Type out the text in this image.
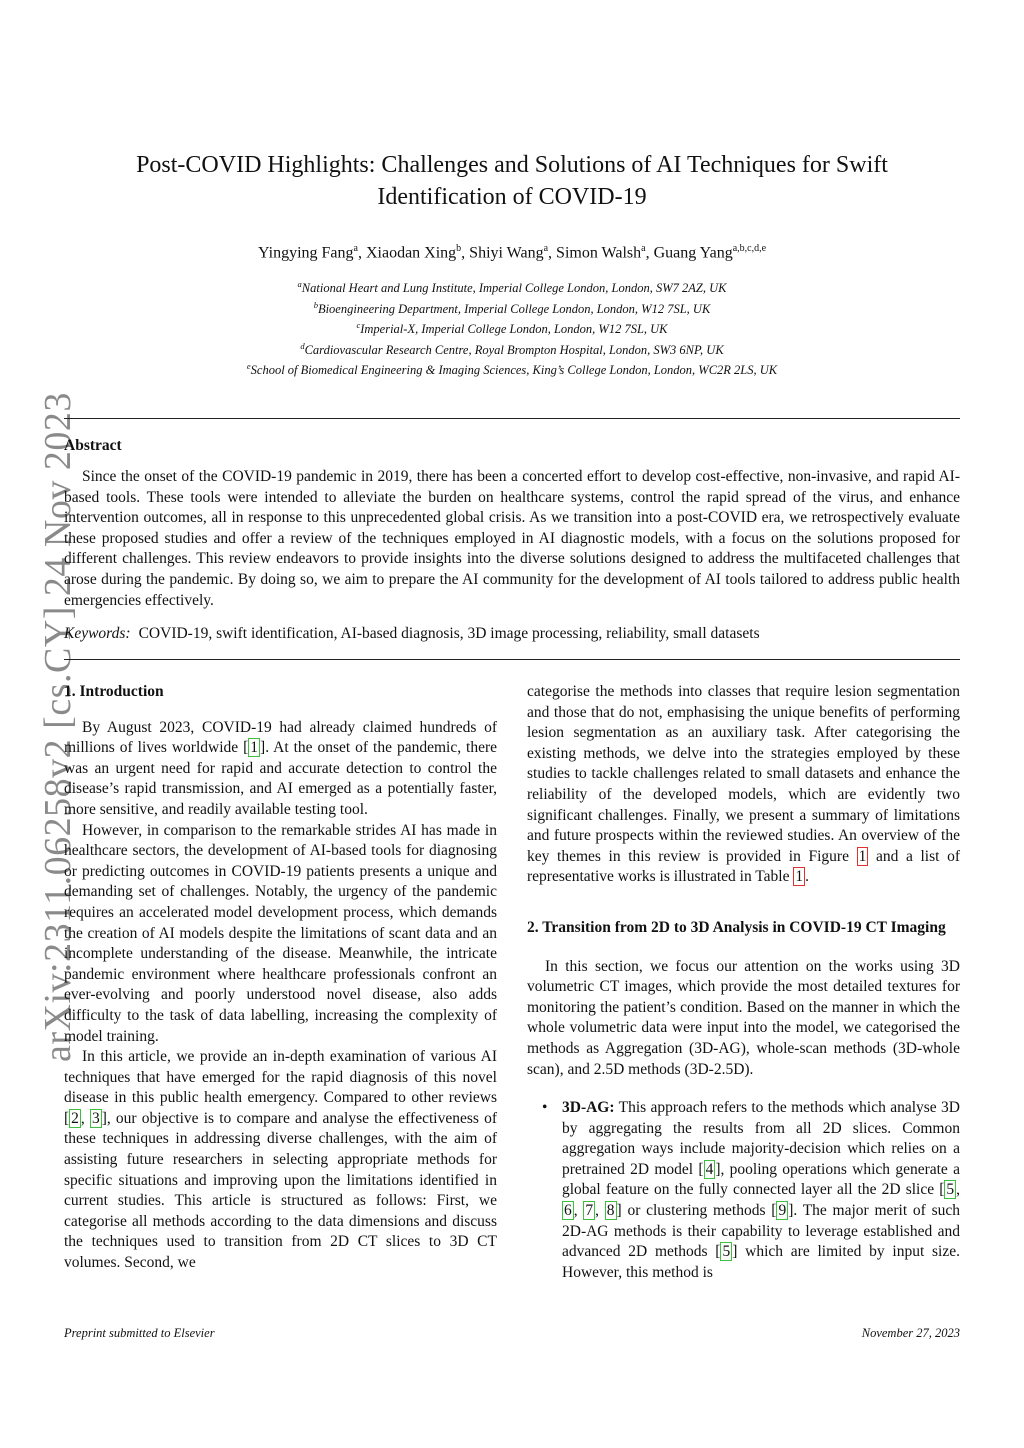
arXiv:2311.06258v2 [cs.CY] 24 Nov 2023
Post-COVID Highlights: Challenges and Solutions of AI Techniques for Swift
Identification of COVID-19
Yingying Fang$^a$, Xiaodan Xing$^b$, Shiyi Wang$^a$, Simon Walsh$^a$, Guang Yang$^{a,b,c,d,e}$
$^a$National Heart and Lung Institute, Imperial College London, London, SW7 2AZ, UK
$^b$Bioengineering Department, Imperial College London, London, W12 7SL, UK
$^c$Imperial-X, Imperial College London, London, W12 7SL, UK
$^d$Cardiovascular Research Centre, Royal Brompton Hospital, London, SW3 6NP, UK
$^e$School of Biomedical Engineering & Imaging Sciences, King’s College London, London, WC2R 2LS, UK
Abstract

Since the onset of the COVID-19 pandemic in 2019, there has been a concerted effort to develop cost-effective, non-invasive, and rapid AI-based tools. These tools were intended to alleviate the burden on healthcare systems, control the rapid spread of the virus, and enhance intervention outcomes, all in response to this unprecedented global crisis. As we transition into a post-COVID era, we retrospectively evaluate these proposed studies and offer a review of the techniques employed in AI diagnostic models, with a focus on the solutions proposed for different challenges. This review endeavors to provide insights into the diverse solutions designed to address the multifaceted challenges that arose during the pandemic. By doing so, we aim to prepare the AI community for the development of AI tools tailored to address public health emergencies effectively.

Keywords: COVID-19, swift identification, AI-based diagnosis, 3D image processing, reliability, small datasets
1. Introduction

By August 2023, COVID-19 had already claimed hundreds of millions of lives worldwide [ 1 ]. At the onset of the pandemic, there was an urgent need for rapid and accurate detection to control the disease’s rapid transmission, and AI emerged as a potentially faster, more sensitive, and readily available testing tool.

However, in comparison to the remarkable strides AI has made in healthcare sectors, the development of AI-based tools for diagnosing or predicting outcomes in COVID-19 patients presents a unique and demanding set of challenges. Notably, the urgency of the pandemic requires an accelerated model development process, which demands the creation of AI models despite the limitations of scant data and an incomplete understanding of the disease. Meanwhile, the intricate pandemic environment where healthcare professionals confront an ever-evolving and poorly understood novel disease, also adds difficulty to the task of data labelling, increasing the complexity of model training.

In this article, we provide an in-depth examination of various AI techniques that have emerged for the rapid diagnosis of this novel disease in this public health emergency. Compared to other reviews [ 2 , 3 ], our objective is to compare and analyse the effectiveness of these techniques in addressing diverse challenges, with the aim of assisting future researchers in selecting appropriate methods for specific situations and improving upon the limitations identified in current studies. This article is structured as follows: First, we categorise all methods according to the data dimensions and discuss the techniques used to transition from 2D CT slices to 3D CT volumes. Second, we

categorise the methods into classes that require lesion segmentation and those that do not, emphasising the unique benefits of performing lesion segmentation as an auxiliary task. After categorising the existing methods, we delve into the strategies employed by these studies to tackle challenges related to small datasets and enhance the reliability of the developed models, which are evidently two significant challenges. Finally, we present a summary of limitations and future prospects within the reviewed studies. An overview of the key themes in this review is provided in Figure 1 and a list of representative works is illustrated in Table 1 .

2. Transition from 2D to 3D Analysis in COVID-19 CT Imaging

In this section, we focus our attention on the works using 3D volumetric CT images, which provide the most detailed textures for monitoring the patient’s condition. Based on the manner in which the whole volumetric data were input into the model, we categorised the methods as Aggregation (3D-AG), whole-scan methods (3D-whole scan), and 2.5D methods (3D-2.5D).

• 3D-AG: This approach refers to the methods which analyse 3D by aggregating the results from all 2D slices. Common aggregation ways include majority-decision which relies on a pretrained 2D model [ 4 ], pooling operations which generate a global feature on the fully connected layer all the 2D slice [ 5 , 6 , 7 , 8 ] or clustering methods [ 9 ]. The major merit of such 2D-AG methods is their capability to leverage established and advanced 2D methods [ 5 ] which are limited by input size. However, this method is
Preprint submitted to Elsevier	November 27, 2023
